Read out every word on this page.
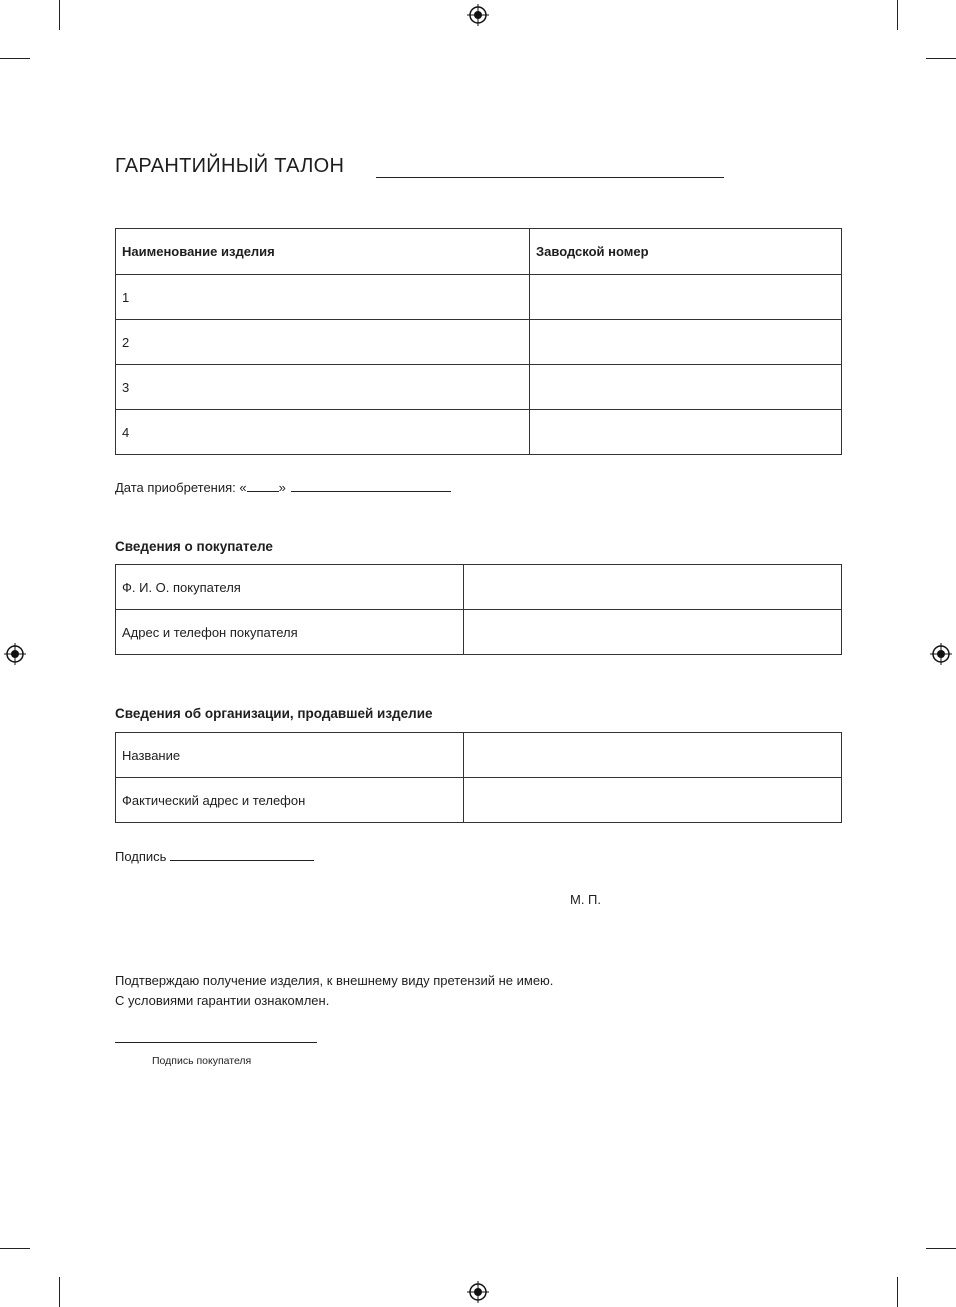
ГАРАНТИЙНЫЙ ТАЛОН
Наименование изделия	Заводской номер
1	
2	
3	
4	
Дата приобретения: « »
Сведения о покупателе
Ф. И. О. покупателя	
Адрес и телефон покупателя	
Сведения об организации, продавшей изделие
Название	
Фактический адрес и телефон	
Подпись
М. П.
Подтверждаю получение изделия, к внешнему виду претензий не имею.
С условиями гарантии ознакомлен.
Подпись покупателя
